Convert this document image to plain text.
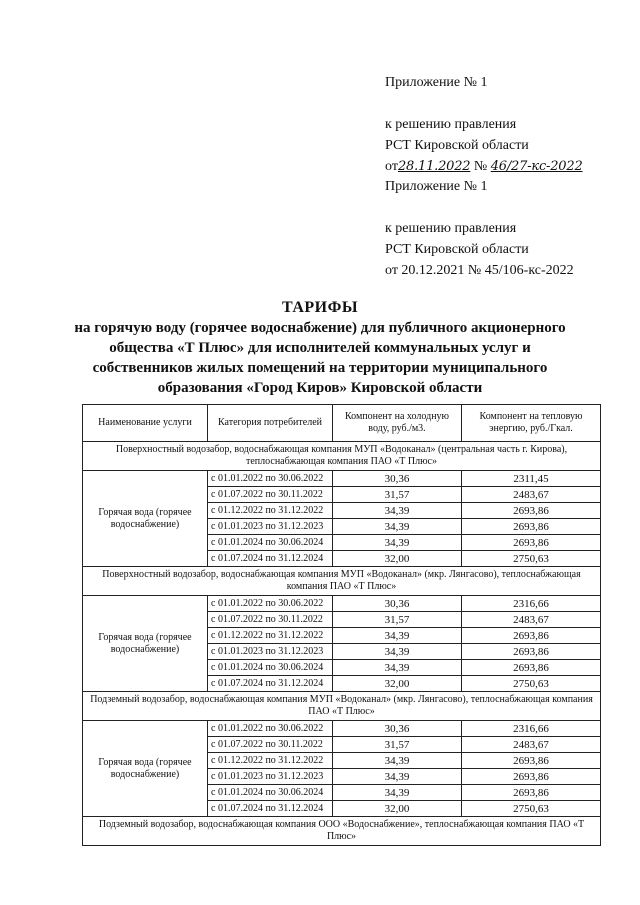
Приложение № 1
к решению правления
РСТ Кировской области
от28.11.2022 № 46/27-кс-2022
Приложение № 1
к решению правления
РСТ Кировской области
от 20.12.2021 № 45/106-кс-2022
ТАРИФЫ
на горячую воду (горячее водоснабжение) для публичного акционерного
общества «Т Плюс» для исполнителей коммунальных услуг и
собственников жилых помещений на территории муниципального
образования «Город Киров» Кировской области
Наименование услуги	Категория потребителей	Компонент на холодную воду, руб./м3.	Компонент на тепловую энергию, руб./Гкал.
Поверхностный водозабор, водоснабжающая компания МУП «Водоканал» (центральная часть г. Кирова), теплоснабжающая компания ПАО «Т Плюс»			
Горячая вода (горячее водоснабжение)	с 01.01.2022 по 30.06.2022	30,36	2311,45
	с 01.07.2022 по 30.11.2022	31,57	2483,67
	с 01.12.2022 по 31.12.2022	34,39	2693,86
	с 01.01.2023 по 31.12.2023	34,39	2693,86
	с 01.01.2024 по 30.06.2024	34,39	2693,86
	с 01.07.2024 по 31.12.2024	32,00	2750,63
Поверхностный водозабор, водоснабжающая компания МУП «Водоканал» (мкр. Лянгасово), теплоснабжающая компания ПАО «Т Плюс»			
Горячая вода (горячее водоснабжение)	с 01.01.2022 по 30.06.2022	30,36	2316,66
	с 01.07.2022 по 30.11.2022	31,57	2483,67
	с 01.12.2022 по 31.12.2022	34,39	2693,86
	с 01.01.2023 по 31.12.2023	34,39	2693,86
	с 01.01.2024 по 30.06.2024	34,39	2693,86
	с 01.07.2024 по 31.12.2024	32,00	2750,63
Подземный водозабор, водоснабжающая компания МУП «Водоканал» (мкр. Лянгасово), теплоснабжающая компания ПАО «Т Плюс»			
Горячая вода (горячее водоснабжение)	с 01.01.2022 по 30.06.2022	30,36	2316,66
	с 01.07.2022 по 30.11.2022	31,57	2483,67
	с 01.12.2022 по 31.12.2022	34,39	2693,86
	с 01.01.2023 по 31.12.2023	34,39	2693,86
	с 01.01.2024 по 30.06.2024	34,39	2693,86
	с 01.07.2024 по 31.12.2024	32,00	2750,63
Подземный водозабор, водоснабжающая компания ООО «Водоснабжение», теплоснабжающая компания ПАО «Т Плюс»			
